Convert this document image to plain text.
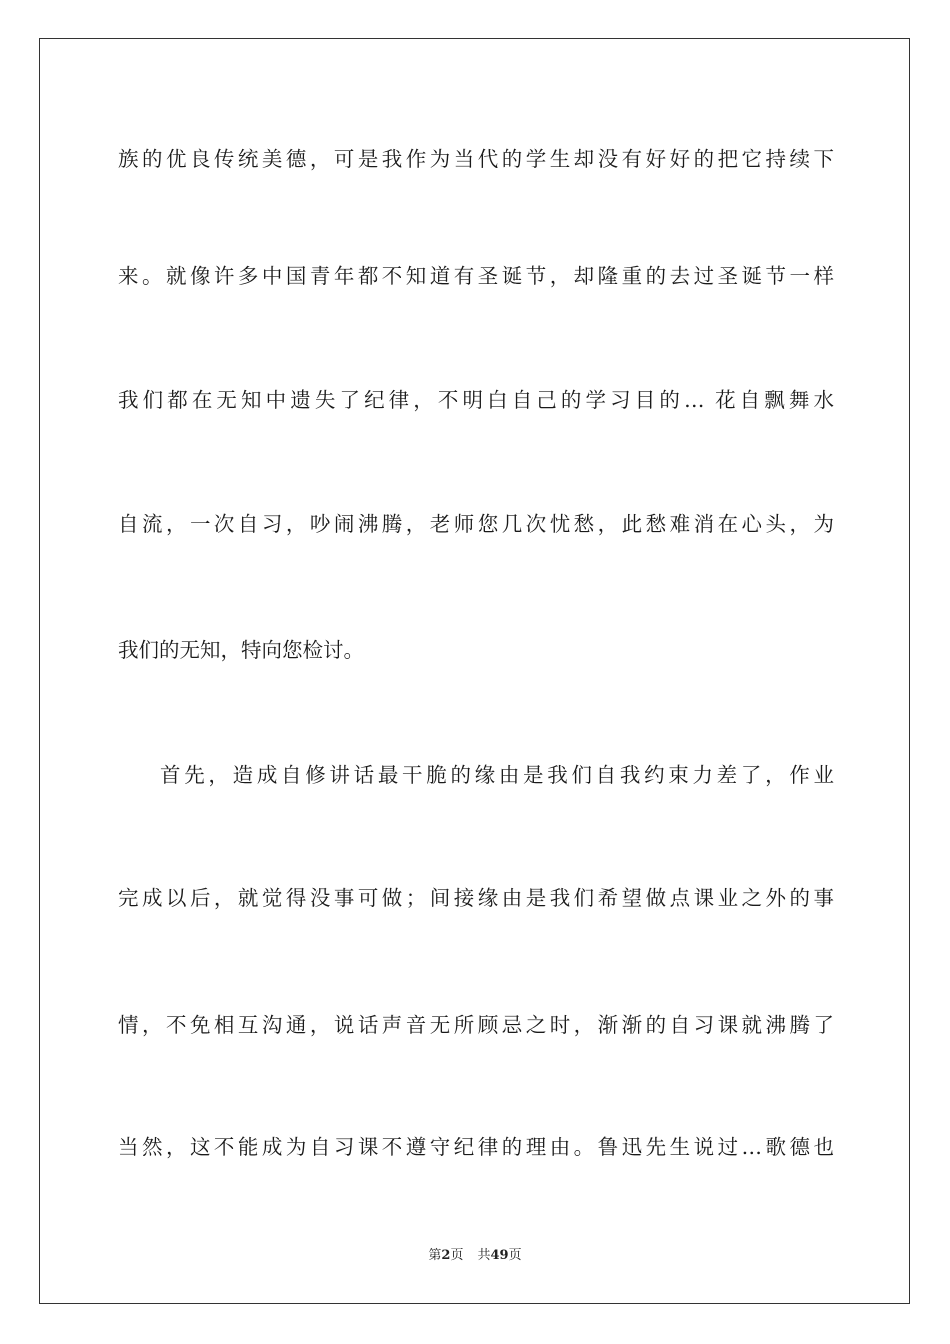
族的优良传统美德，可是我作为当代的学生却没有好好的把它持续下
来。就像许多中国青年都不知道有圣诞节，却隆重的去过圣诞节一样
我们都在无知中遗失了纪律，不明白自己的学习目的… 花自飘舞水
自流，一次自习，吵闹沸腾，老师您几次忧愁，此愁难消在心头，为
我们的无知，特向您检讨。
首先，造成自修讲话最干脆的缘由是我们自我约束力差了，作业
完成以后，就觉得没事可做；间接缘由是我们希望做点课业之外的事
情，不免相互沟通，说话声音无所顾忌之时，渐渐的自习课就沸腾了
当然，这不能成为自习课不遵守纪律的理由。鲁迅先生说过…歌德也
第2页 共49页
